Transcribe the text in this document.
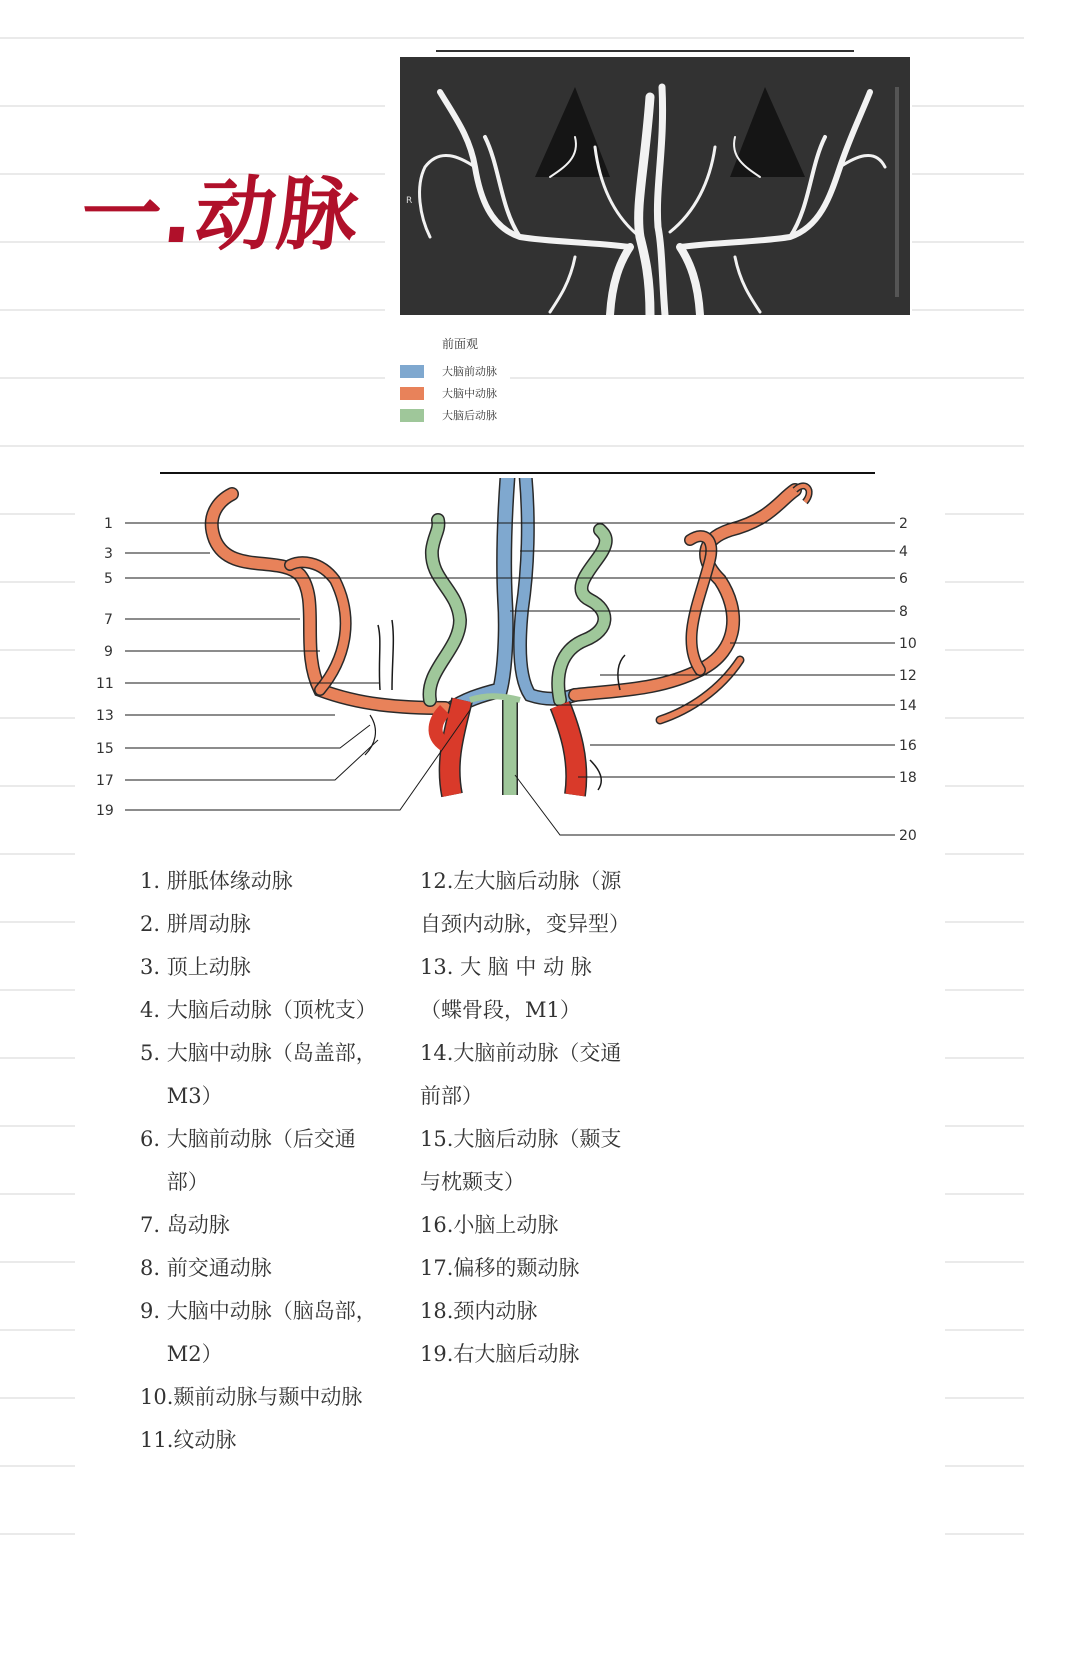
一.动脉	R
前面观
大脑前动脉
大脑中动脉
大脑后动脉
1
3
5
7
9
11
13
15
17
19
2
4
6
8
10
12
14
16
18
20
1. 胼胝体缘动脉
2. 胼周动脉
3. 顶上动脉
4. 大脑后动脉（顶枕支）
5. 大脑中动脉（岛盖部，M3）
6. 大脑前动脉（后交通部）
7. 岛动脉
8. 前交通动脉
9. 大脑中动脉（脑岛部，M2）
10.颞前动脉与颞中动脉
11. 纹动脉
12.左大脑后动脉（源自颈内动脉，变异型）
13. 大 脑 中 动 脉（蝶骨段，M1）
14.大脑前动脉（交通前部）
15.大脑后动脉（颞支与枕颞支）
16.小脑上动脉
17.偏移的颞动脉
18.颈内动脉
19.右大脑后动脉
